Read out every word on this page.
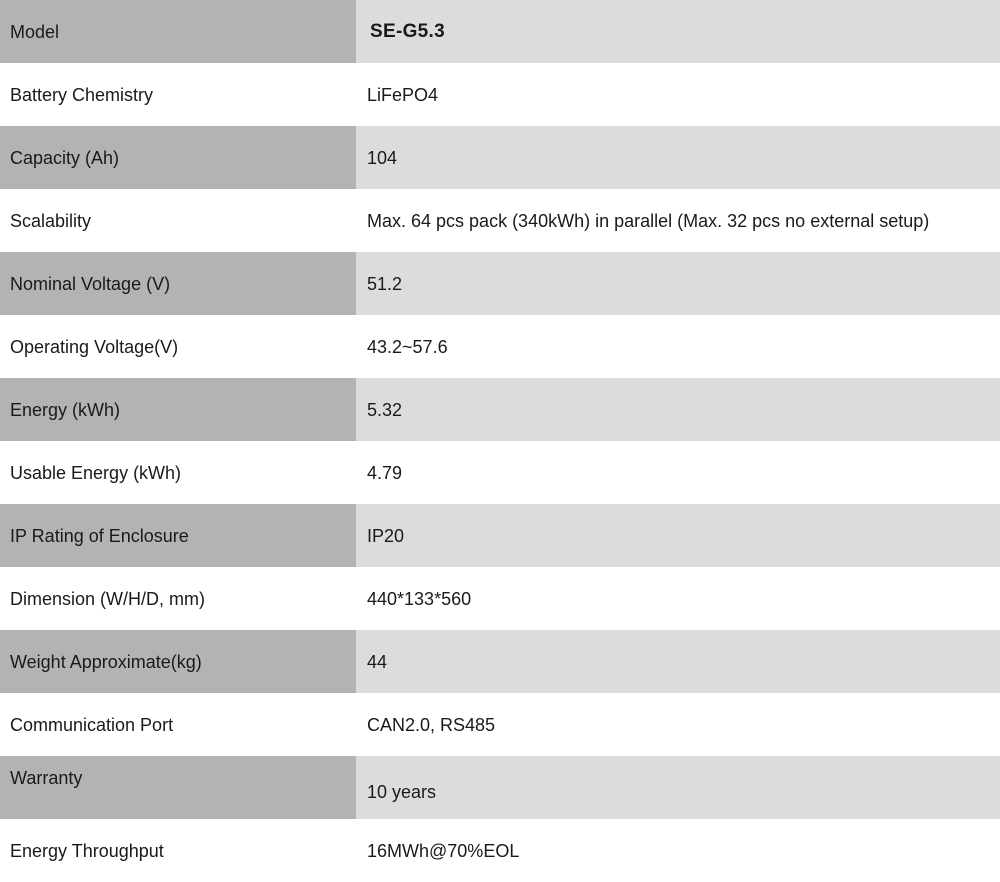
Model	SE-G5.3
Battery Chemistry	LiFePO4
Capacity (Ah)	104
Scalability	Max. 64 pcs pack (340kWh) in parallel (Max. 32 pcs no external setup)
Nominal Voltage (V)	51.2
Operating Voltage(V)	43.2~57.6
Energy (kWh)	5.32
Usable Energy (kWh)	4.79
IP Rating of Enclosure	IP20
Dimension (W/H/D, mm)	440*133*560
Weight Approximate(kg)	44
Communication Port	CAN2.0, RS485
Warranty	10 years
Energy Throughput	16MWh@70%EOL
